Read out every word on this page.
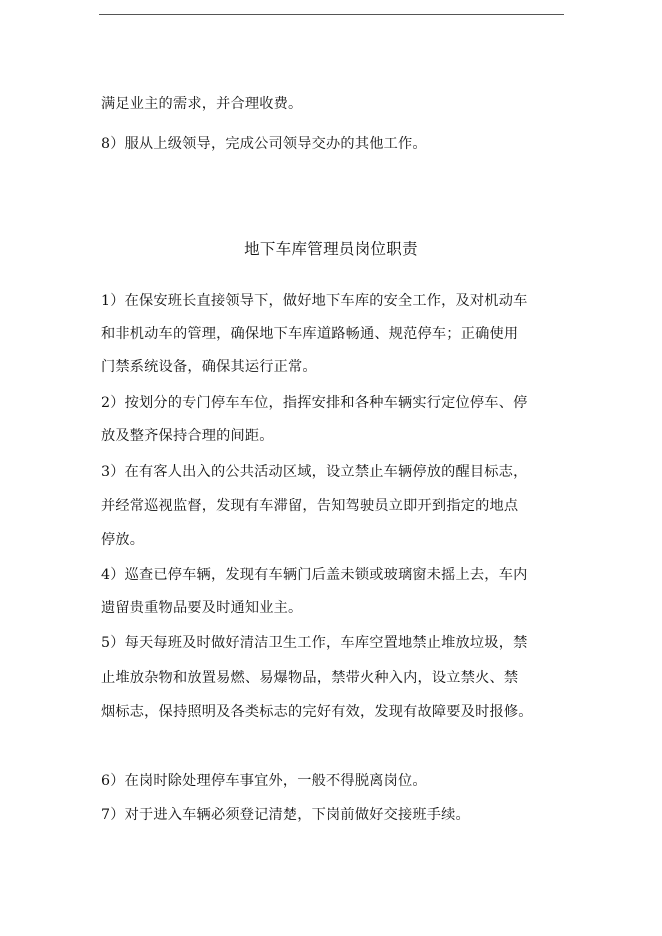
满足业主的需求，并合理收费。
8）服从上级领导，完成公司领导交办的其他工作。
地下车库管理员岗位职责
1）在保安班长直接领导下，做好地下车库的安全工作，及对机动车
和非机动车的管理，确保地下车库道路畅通、规范停车；正确使用
门禁系统设备，确保其运行正常。
2）按划分的专门停车车位，指挥安排和各种车辆实行定位停车、停
放及整齐保持合理的间距。
3）在有客人出入的公共活动区域，设立禁止车辆停放的醒目标志，
并经常巡视监督，发现有车滞留，告知驾驶员立即开到指定的地点
停放。
4）巡查已停车辆，发现有车辆门后盖未锁或玻璃窗未摇上去，车内
遗留贵重物品要及时通知业主。
5）每天每班及时做好清洁卫生工作，车库空置地禁止堆放垃圾，禁
止堆放杂物和放置易燃、易爆物品，禁带火种入内，设立禁火、禁
烟标志，保持照明及各类标志的完好有效，发现有故障要及时报修。
6）在岗时除处理停车事宜外，一般不得脱离岗位。
7）对于进入车辆必须登记清楚，下岗前做好交接班手续。
